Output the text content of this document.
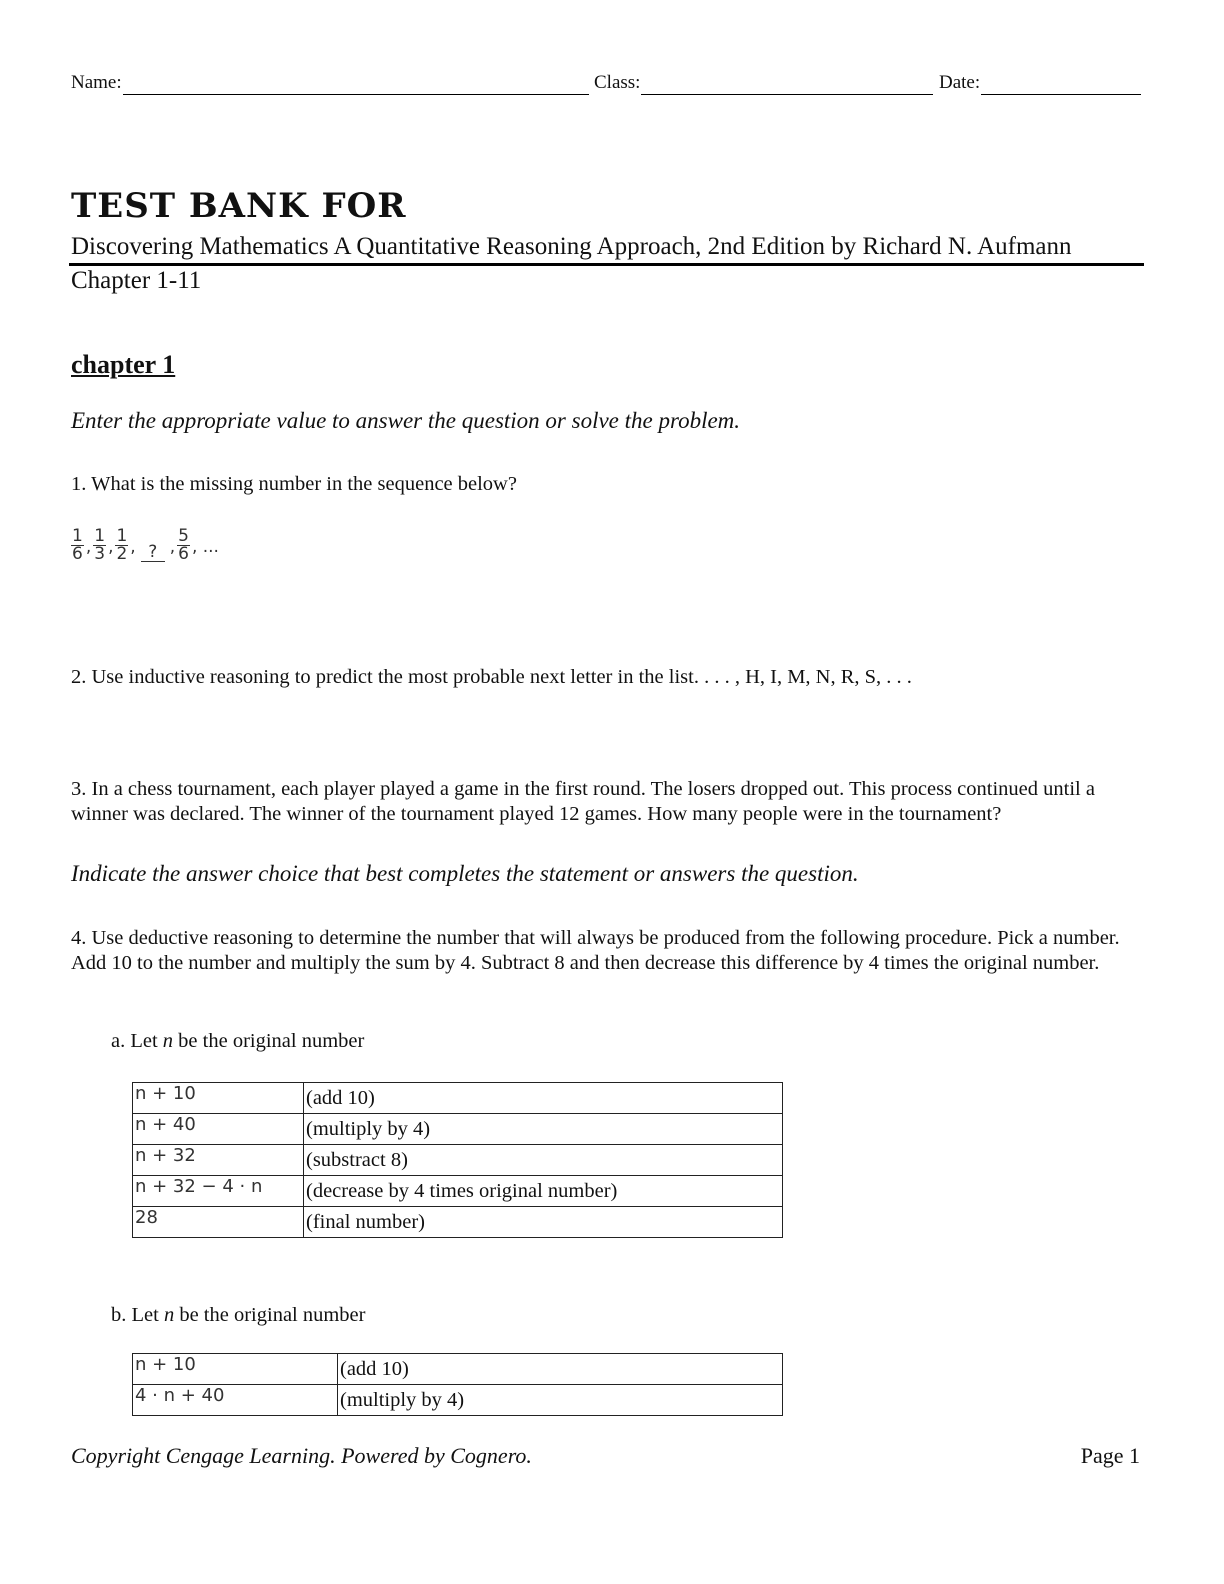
Name:	Class:	Date:
TEST BANK FOR
Discovering Mathematics A Quantitative Reasoning Approach, 2nd Edition by Richard N. Aufmann
Chapter 1-11
chapter 1
Enter the appropriate value to answer the question or solve the problem.
1. What is the missing number in the sequence below?
$\frac{1}{6}$ , $\frac{1}{3}$ , $\frac{1}{2}$ , ? , $\frac{5}{6}$ , ...
2. Use inductive reasoning to predict the most probable next letter in the list. . . . , H, I, M, N, R, S, . . .
3. In a chess tournament, each player played a game in the first round. The losers dropped out. This process continued until a winner was declared. The winner of the tournament played 12 games. How many people were in the tournament?
Indicate the answer choice that best completes the statement or answers the question.
4. Use deductive reasoning to determine the number that will always be produced from the following procedure. Pick a number. Add 10 to the number and multiply the sum by 4. Subtract 8 and then decrease this difference by 4 times the original number.
a. Let n be the original number
n + 10	(add 10)
n + 40	(multiply by 4)
n + 32	(substract 8)
n + 32 − 4 · n	(decrease by 4 times original number)
28	(final number)
b. Let n be the original number
n + 10	(add 10)
4 · n + 40	(multiply by 4)
Copyright Cengage Learning. Powered by Cognero.	Page 1
